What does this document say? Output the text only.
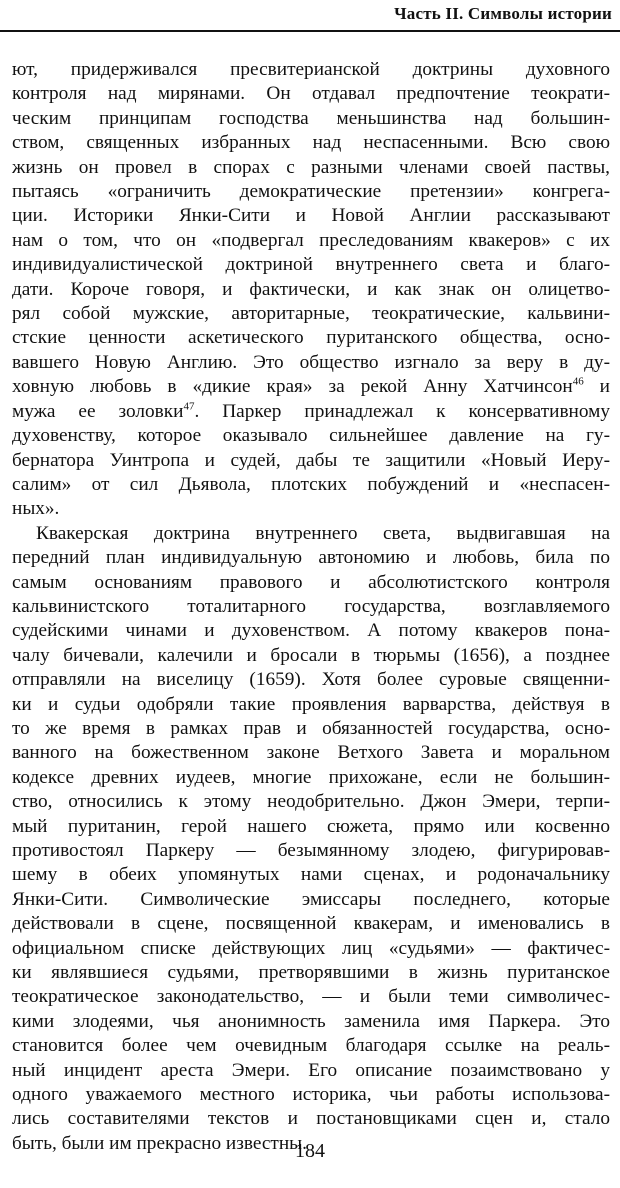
Часть II. Символы истории
ют, придерживался пресвитерианской доктрины духовного
контроля над мирянами. Он отдавал предпочтение теократи-
ческим принципам господства меньшинства над большин-
ством, священных избранных над неспасенными. Всю свою
жизнь он провел в спорах с разными членами своей паствы,
пытаясь «ограничить демократические претензии» конгрега-
ции. Историки Янки-Сити и Новой Англии рассказывают
нам о том, что он «подвергал преследованиям квакеров» с их
индивидуалистической доктриной внутреннего света и благо-
дати. Короче говоря, и фактически, и как знак он олицетво-
рял собой мужские, авторитарные, теократические, кальвини-
стские ценности аскетического пуританского общества, осно-
вавшего Новую Англию. Это общество изгнало за веру в ду-
ховную любовь в «дикие края» за рекой Анну Хатчинсон$^{46}$ и
мужа ее золовки$^{47}$. Паркер принадлежал к консервативному
духовенству, которое оказывало сильнейшее давление на гу-
бернатора Уинтропа и судей, дабы те защитили «Новый Иеру-
салим» от сил Дьявола, плотских побуждений и «неспасен-
ных».
Квакерская доктрина внутреннего света, выдвигавшая на
передний план индивидуальную автономию и любовь, била по
самым основаниям правового и абсолютистского контроля
кальвинистского тоталитарного государства, возглавляемого
судейскими чинами и духовенством. А потому квакеров пона-
чалу бичевали, калечили и бросали в тюрьмы (1656), а позднее
отправляли на виселицу (1659). Хотя более суровые священни-
ки и судьи одобряли такие проявления варварства, действуя в
то же время в рамках прав и обязанностей государства, осно-
ванного на божественном законе Ветхого Завета и моральном
кодексе древних иудеев, многие прихожане, если не большин-
ство, относились к этому неодобрительно. Джон Эмери, терпи-
мый пуританин, герой нашего сюжета, прямо или косвенно
противостоял Паркеру — безымянному злодею, фигурировав-
шему в обеих упомянутых нами сценах, и родоначальнику
Янки-Сити. Символические эмиссары последнего, которые
действовали в сцене, посвященной квакерам, и именовались в
официальном списке действующих лиц «судьями» — фактичес-
ки являвшиеся судьями, претворявшими в жизнь пуританское
теократическое законодательство, — и были теми символичес-
кими злодеями, чья анонимность заменила имя Паркера. Это
становится более чем очевидным благодаря ссылке на реаль-
ный инцидент ареста Эмери. Его описание позаимствовано у
одного уважаемого местного историка, чьи работы использова-
лись составителями текстов и постановщиками сцен и, стало
быть, были им прекрасно известны.
184
